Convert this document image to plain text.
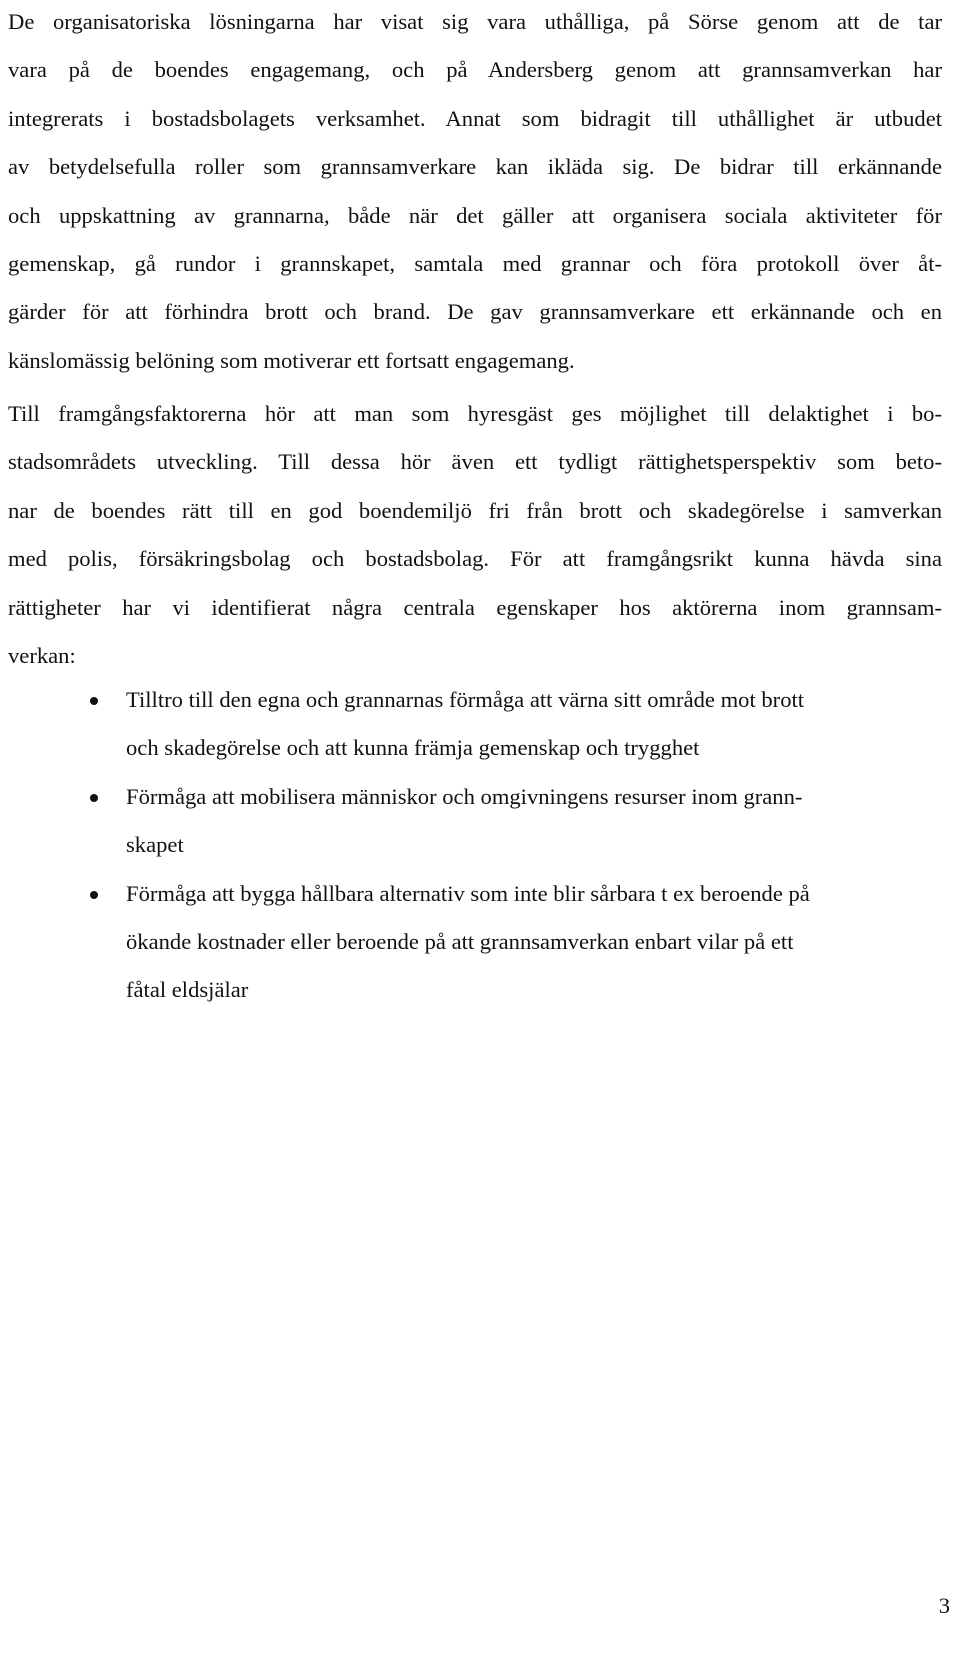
De organisatoriska lösningarna har visat sig vara uthålliga, på Sörse genom att de tar
vara på de boendes engagemang, och på Andersberg genom att grannsamverkan har
integrerats i bostadsbolagets verksamhet. Annat som bidragit till uthållighet är utbudet
av betydelsefulla roller som grannsamverkare kan ikläda sig. De bidrar till erkännande
och uppskattning av grannarna, både när det gäller att organisera sociala aktiviteter för
gemenskap, gå rundor i grannskapet, samtala med grannar och föra protokoll över åt-
gärder för att förhindra brott och brand. De gav grannsamverkare ett erkännande och en
känslomässig belöning som motiverar ett fortsatt engagemang.

Till framgångsfaktorerna hör att man som hyresgäst ges möjlighet till delaktighet i bo-
stadsområdets utveckling. Till dessa hör även ett tydligt rättighetsperspektiv som beto-
nar de boendes rätt till en god boendemiljö fri från brott och skadegörelse i samverkan
med polis, försäkringsbolag och bostadsbolag. För att framgångsrikt kunna hävda sina
rättigheter har vi identifierat några centrala egenskaper hos aktörerna inom grannsam-
verkan:

Tilltro till den egna och grannarnas förmåga att värna sitt område mot brott
och skadegörelse och att kunna främja gemenskap och trygghet
Förmåga att mobilisera människor och omgivningens resurser inom grann-
skapet
Förmåga att bygga hållbara alternativ som inte blir sårbara t ex beroende på
ökande kostnader eller beroende på att grannsamverkan enbart vilar på ett
fåtal eldsjälar
3
